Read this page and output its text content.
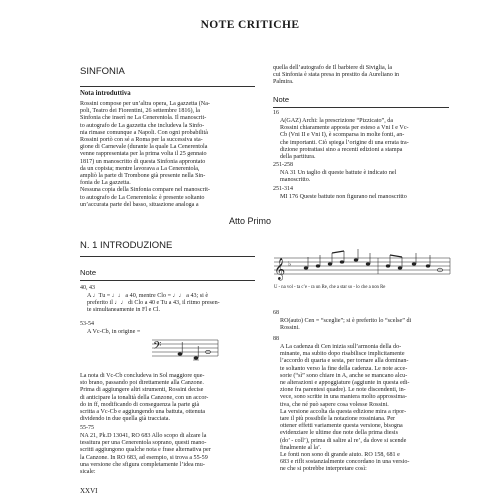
NOTE CRITICHE
SINFONIA
Nota introduttiva
Rossini compose per un’altra opera, La gazzetta (Na-
poli, Teatro dei Fiorentini, 26 settembre 1816), la
Sinfonia che inserì ne La Cenerentola. Il manoscrit-
to autografo de La gazzetta che includeva la Sinfo-
nia rimase comunque a Napoli. Con ogni probabilità
Rossini portò con sé a Roma per la successiva sta-
gione di Carnevale (durante la quale La Cenerentola
venne rappresentata per la prima volta il 25 gennaio
1817) un manoscritto di questa Sinfonia approntato
da un copista; mentre lavorava a La Cenerentola,
ampliò la parte di Trombone già presente nella Sin-
fonia de La gazzetta.
Nessuna copia della Sinfonia compare nel manoscrit-
to autografo de La Cenerentola: è presente soltanto
un’accurata parte del basso, situazione analoga a
quella dell’autografo de Il barbiere di Siviglia, la
cui Sinfonia è stata presa in prestito da Aureliano in
Palmira.
Note
16
A(GAZ) Archi: la prescrizione “Pizzicato”, da
Rossini chiaramente apposta per esteso a Vni I e Vc-
Cb (Vni II e Vni I), è scomparsa in molte fonti, an-
che importanti. Ciò spiega l’origine di una errata tra-
dizione protrattasi sino a recenti edizioni a stampa
della partitura.
251-258
NA 31 Un taglio di queste battute è indicato nel
manoscritto.
251-314
MI 176 Queste battute non figurano nel manoscritto
Atto Primo
N. 1 INTRODUZIONE
Note
40, 43
A ♩Tu = ♩♩ a 40, mentre Clo = ♩♩ a 43; si è
preferito il ♩♩ di Clo a 40 e Tu a 43, il ritmo presen-
te simultaneamente in Fl e Cl.
53-54
A Vc-Cb, in origine =
𝄢
La nota di Vc-Cb concludeva in Sol maggiore que-
sto brano, passando poi direttamente alla Canzone.
Prima di aggiungere altri strumenti, Rossini decise
di anticipare la tonalità della Canzone, con un accor-
do in ff, modificando di conseguenza la parte già
scritta a Vc-Cb e aggiungendo una battuta, ottenuta
dividendo in due quella già tracciata.
55-75
NA 21, Pk.D 13041, RO 683 Allo scopo di alzare la
tessitura per una Cenerentola soprano, questi mano-
scritti aggiungono qualche nota e frase alternativa per
la Canzone. In RO 683, ad esempio, si trova a 55-59
una versione che sfigura completamente l’idea mu-
sicale:
XXVI
𝄞 ♭
U - na vol - ta c’e - ra un Re, che a star so - lo che a non Re
68
RO(auto) Cen = “sceglie”; si è preferito lo “scelse” di
Rossini.
88
A La cadenza di Cen inizia sull’armonia della do-
minante, ma subito dopo risabilisce implicitamente
l’accordo di quarta e sesta, per tornare alla dominan-
te soltanto verso la fine della cadenza. Le note acce-
sorie (“sì” sono chiare in A, anche se mancano alcu-
ne alterazioni e appoggiature (aggiunte in questa edi-
zione fra parentesi quadre). Le note discendenti, in-
vece, sono scritte in una maniera molto approssima-
tiva, che né può sapere cosa volesse Rossini.
La versione accolta da questa edizione mira a ripor-
tare il più possibile la notazione rossiniana. Per
ottener effetti variamente questa versione, bisogna
evidenziare le ultime due note della prima diesis
(do’ - coll’), prima di salire al re’, da dove si scende
finalmente al la’.
Le fonti non sono di grande aiuto. RO 158, 681 e
683 e riflt sostanzialmente concordano in una versio-
ne che si potrebbe interpretare così:
